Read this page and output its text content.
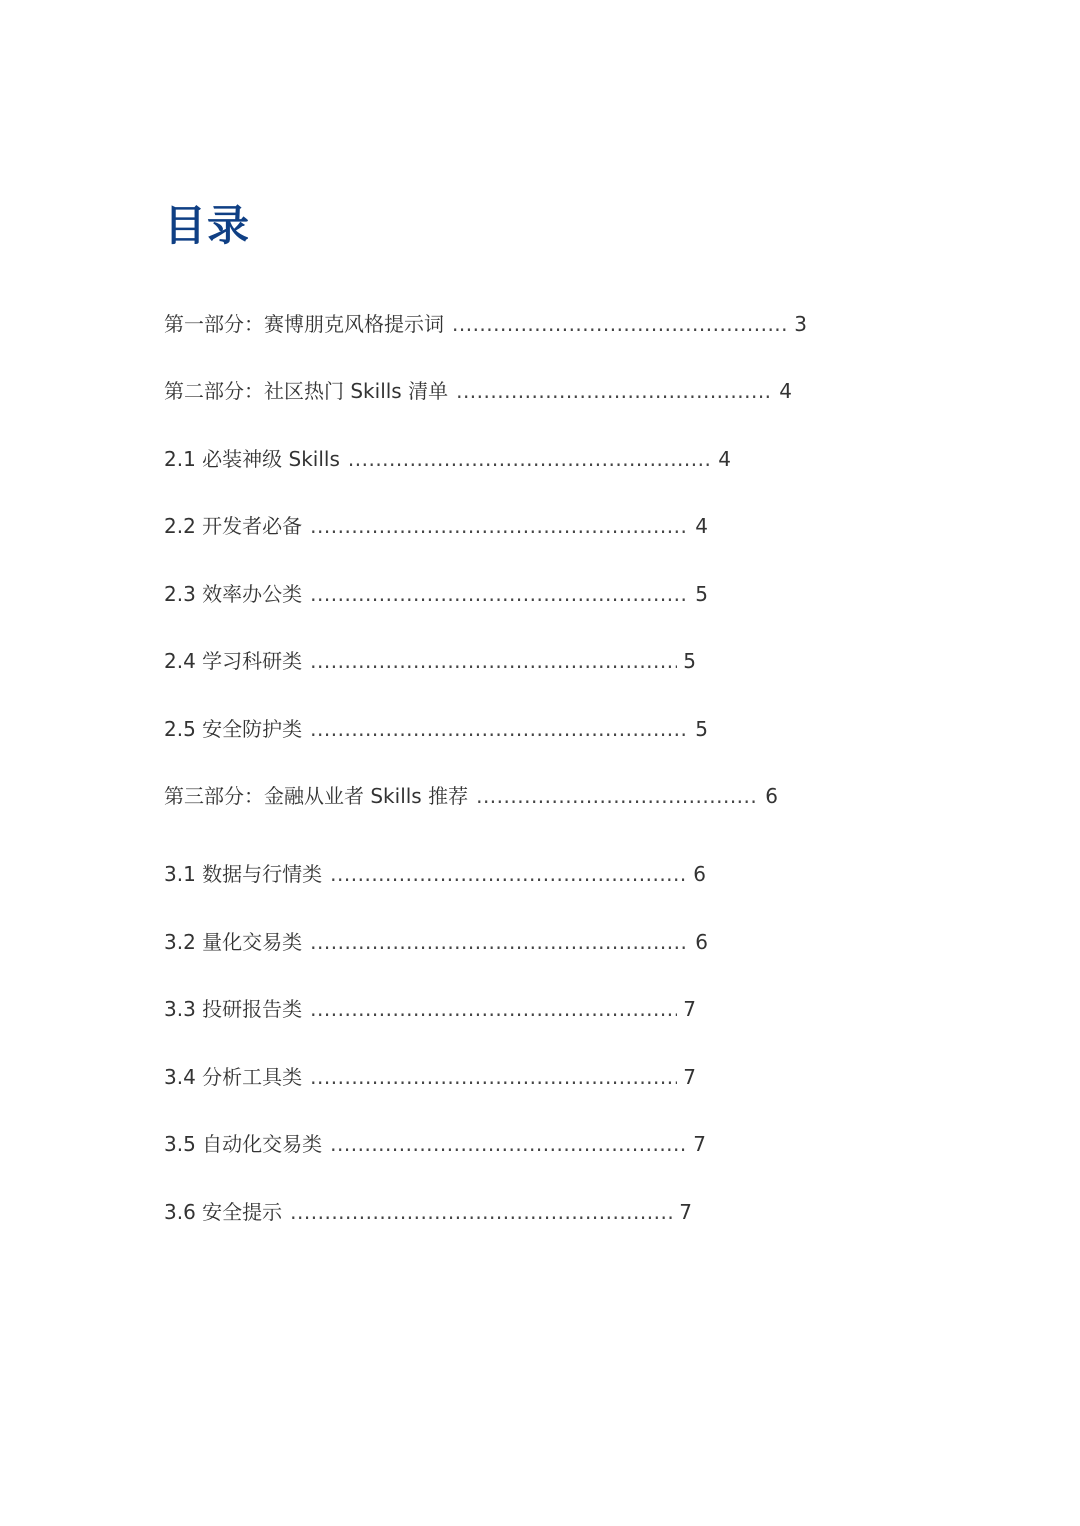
目录
第一部分：赛博朋克风格提示词 .....	3
第二部分：社区热门 Skills 清单 .....	4
2.1 必装神级 Skills .....	4
2.2 开发者必备 .....	4
2.3 效率办公类 .....	5
2.4 学习科研类 .....	5
2.5 安全防护类 .....	5
第三部分：金融从业者 Skills 推荐 .....	6
3.1 数据与行情类 .....	6
3.2 量化交易类 .....	6
3.3 投研报告类 .....	7
3.4 分析工具类 .....	7
3.5 自动化交易类 .....	7
3.6 安全提示 .....	7
